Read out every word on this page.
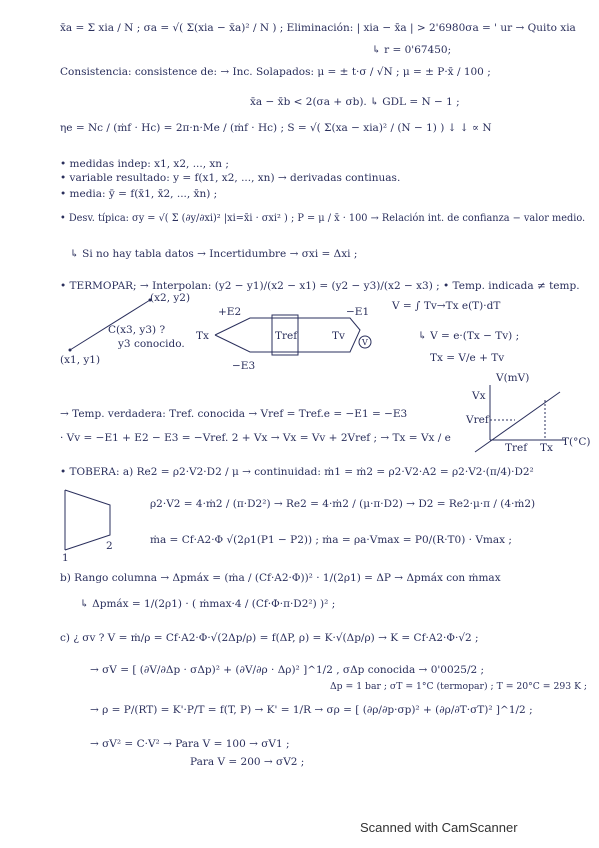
x̄a = Σ xia / N ; σa = √( Σ(xia − x̄a)² / N ) ; Eliminación: | xia − x̄a | > 2'6980σa = ' ur → Quito xia
↳ r = 0'67450;
Consistencia: consistence de: → Inc. Solapados: μ = ± t·σ / √N ; μ = ± P·x̄ / 100 ;
x̄a − x̄b < 2(σa + σb). ↳ GDL = N − 1 ;
ηe = Nc / (ṁf · Hc) = 2π·n·Me / (ṁf · Hc) ; S = √( Σ(xa − xia)² / (N − 1) ) ↓ ↓ ∝ N
• medidas indep: x1, x2, ..., xn ;
• variable resultado: y = f(x1, x2, ..., xn) → derivadas continuas.
• media: ȳ = f(x̄1, x̄2, ..., x̄n) ;
• Desv. típica: σy = √( Σ (∂y/∂xi)² |xi=x̄i · σxi² ) ; P = μ / x̄ · 100 → Relación int. de confianza − valor medio.
↳ Si no hay tabla datos → Incertidumbre → σxi = Δxi ;
• TERMOPAR; → Interpolan: (y2 − y1)/(x2 − x1) = (y2 − y3)/(x2 − x3) ; • Temp. indicada ≠ temp.
V = ∫ Tv→Tx e(T)·dT
↳ V = e·(Tx − Tv) ;
Tx = V/e + Tv
→ Temp. verdadera: Tref. conocida → Vref = Tref.e = −E1 = −E3
· Vv = −E1 + E2 − E3 = −Vref. 2 + Vx → Vx = Vv + 2Vref ; → Tx = Vx / e
• TOBERA: a) Re2 = ρ2·V2·D2 / μ → continuidad: ṁ1 = ṁ2 = ρ2·V2·A2 = ρ2·V2·(π/4)·D2²
ρ2·V2 = 4·ṁ2 / (π·D2²) → Re2 = 4·ṁ2 / (μ·π·D2) → D2 = Re2·μ·π / (4·ṁ2)
ṁa = Cf·A2·Φ √(2ρ1(P1 − P2)) ; ṁa = ρa·Vmax = P0/(R·T0) · Vmax ;
b) Rango columna → Δpmáx = (ṁa / (Cf·A2·Φ))² · 1/(2ρ1) = ΔP → Δpmáx con ṁmax
↳ Δpmáx = 1/(2ρ1) · ( ṁmax·4 / (Cf·Φ·π·D2²) )² ;
c) ¿ σv ? V = ṁ/ρ = Cf·A2·Φ·√(2Δp/ρ) = f(ΔP, ρ) = K·√(Δp/ρ) → K = Cf·A2·Φ·√2 ;
→ σV = [ (∂V/∂Δp · σΔp)² + (∂V/∂ρ · Δρ)² ]^1/2 , σΔp conocida → 0'0025/2 ;
Δp = 1 bar ; σT = 1°C (termopar) ; T = 20°C = 293 K ;
→ ρ = P/(RT) = K'·P/T = f(T, P) → K' = 1/R → σρ = [ (∂ρ/∂p·σp)² + (∂ρ/∂T·σT)² ]^1/2 ;
→ σV² = C·V² → Para V = 100 → σV1 ;
Para V = 200 → σV2 ;
V
(x2, y2)
C(x3, y3) ?
y3 conocido.
(x1, y1)
Tx	Tref	Tv
+E2	−E1
−E3
V(mV)
Vx
Vref
Tref Tx T(°C)
1
2
Scanned with CamScanner
